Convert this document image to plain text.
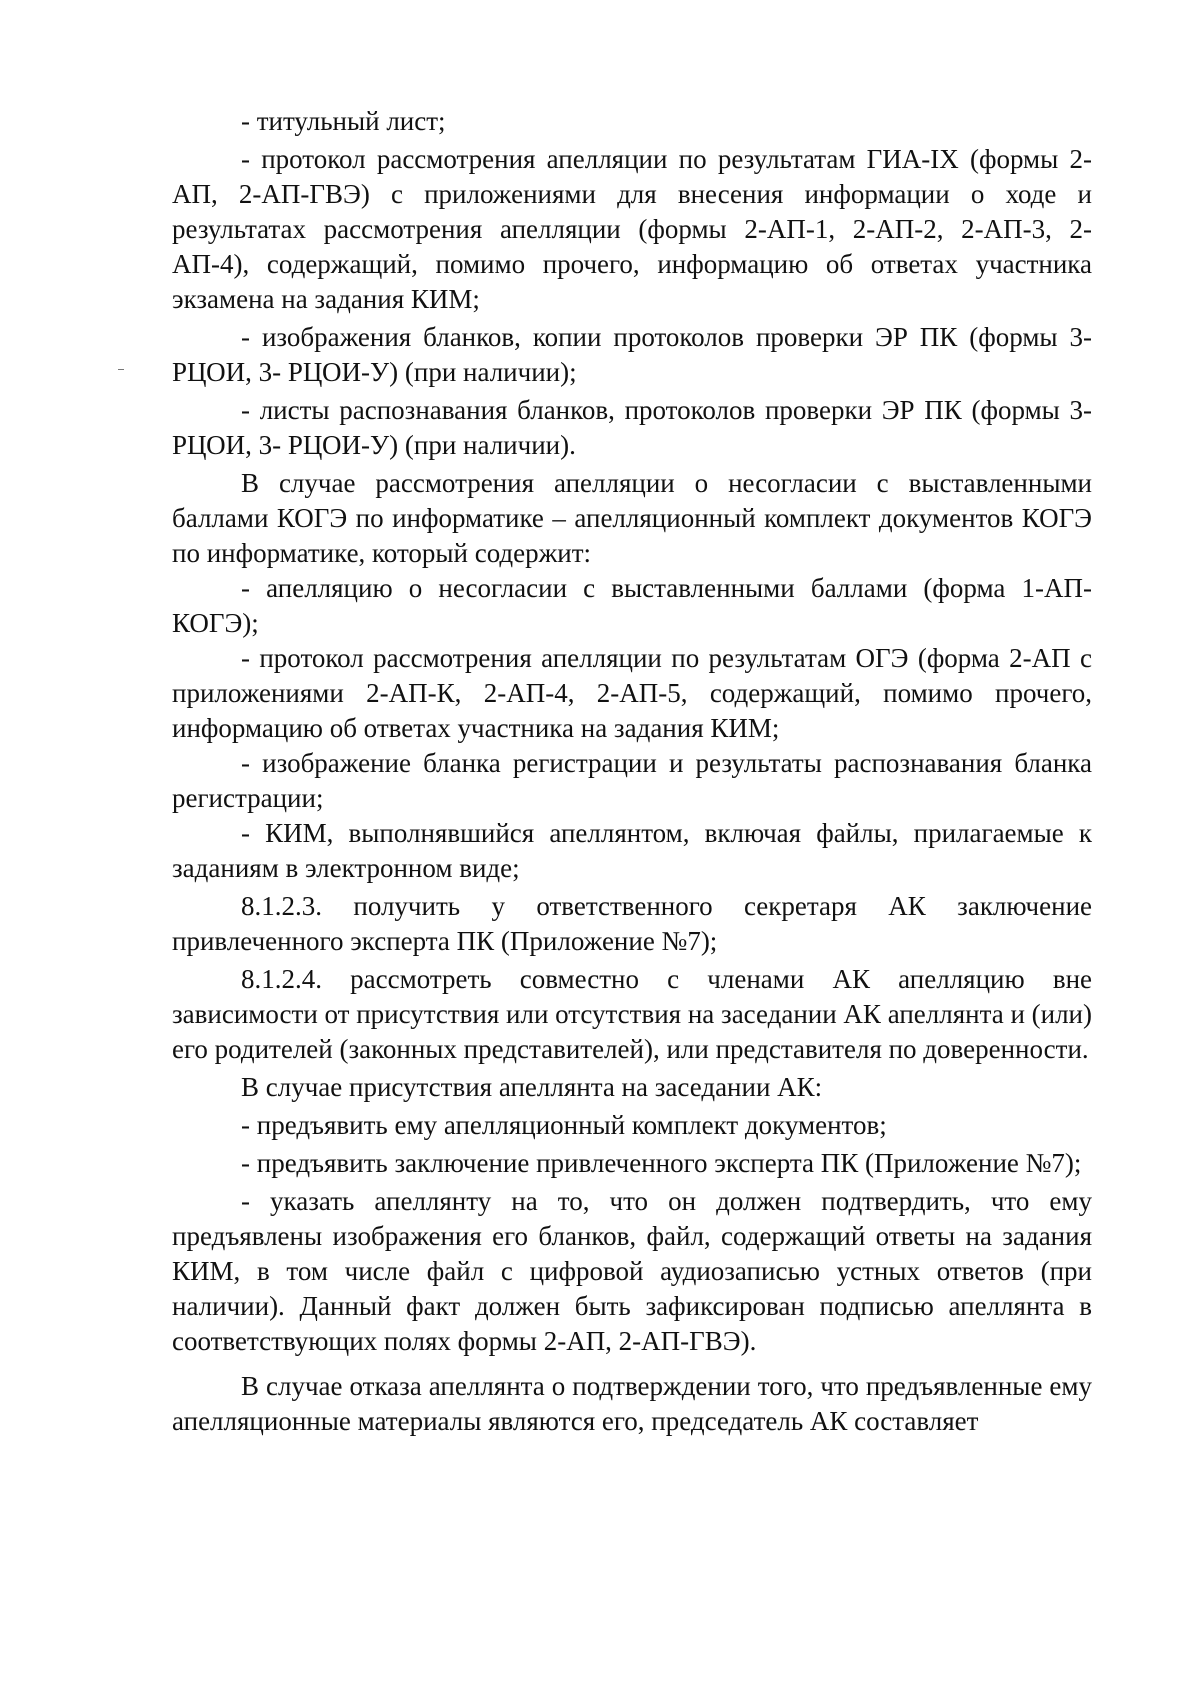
- титульный лист;

- протокол рассмотрения апелляции по результатам ГИА-IX (формы 2-АП, 2-АП-ГВЭ) с приложениями для внесения информации о ходе и результатах рассмотрения апелляции (формы 2-АП-1, 2-АП-2, 2-АП-3, 2-АП-4), содержащий, помимо прочего, информацию об ответах участника экзамена на задания КИМ;

- изображения бланков, копии протоколов проверки ЭР ПК (формы 3-РЦОИ, 3- РЦОИ-У) (при наличии);

- листы распознавания бланков, протоколов проверки ЭР ПК (формы 3-РЦОИ, 3- РЦОИ-У) (при наличии).

В случае рассмотрения апелляции о несогласии с выставленными баллами КОГЭ по информатике – апелляционный комплект документов КОГЭ по информатике, который содержит:

- апелляцию о несогласии с выставленными баллами (форма 1-АП-КОГЭ);

- протокол рассмотрения апелляции по результатам ОГЭ (форма 2-АП с приложениями 2-АП-К, 2-АП-4, 2-АП-5, содержащий, помимо прочего, информацию об ответах участника на задания КИМ;

- изображение бланка регистрации и результаты распознавания бланка регистрации;

- КИМ, выполнявшийся апеллянтом, включая файлы, прилагаемые к заданиям в электронном виде;

8.1.2.3. получить у ответственного секретаря АК заключение привлеченного эксперта ПК (Приложение №7);

8.1.2.4. рассмотреть совместно с членами АК апелляцию вне зависимости от присутствия или отсутствия на заседании АК апеллянта и (или) его родителей (законных представителей), или представителя по доверенности.

В случае присутствия апеллянта на заседании АК:

- предъявить ему апелляционный комплект документов;

- предъявить заключение привлеченного эксперта ПК (Приложение №7);

- указать апеллянту на то, что он должен подтвердить, что ему предъявлены изображения его бланков, файл, содержащий ответы на задания КИМ, в том числе файл с цифровой аудиозаписью устных ответов (при наличии). Данный факт должен быть зафиксирован подписью апеллянта в соответствующих полях формы 2-АП, 2-АП-ГВЭ).

В случае отказа апеллянта о подтверждении того, что предъявленные ему апелляционные материалы являются его, председатель АК составляет
